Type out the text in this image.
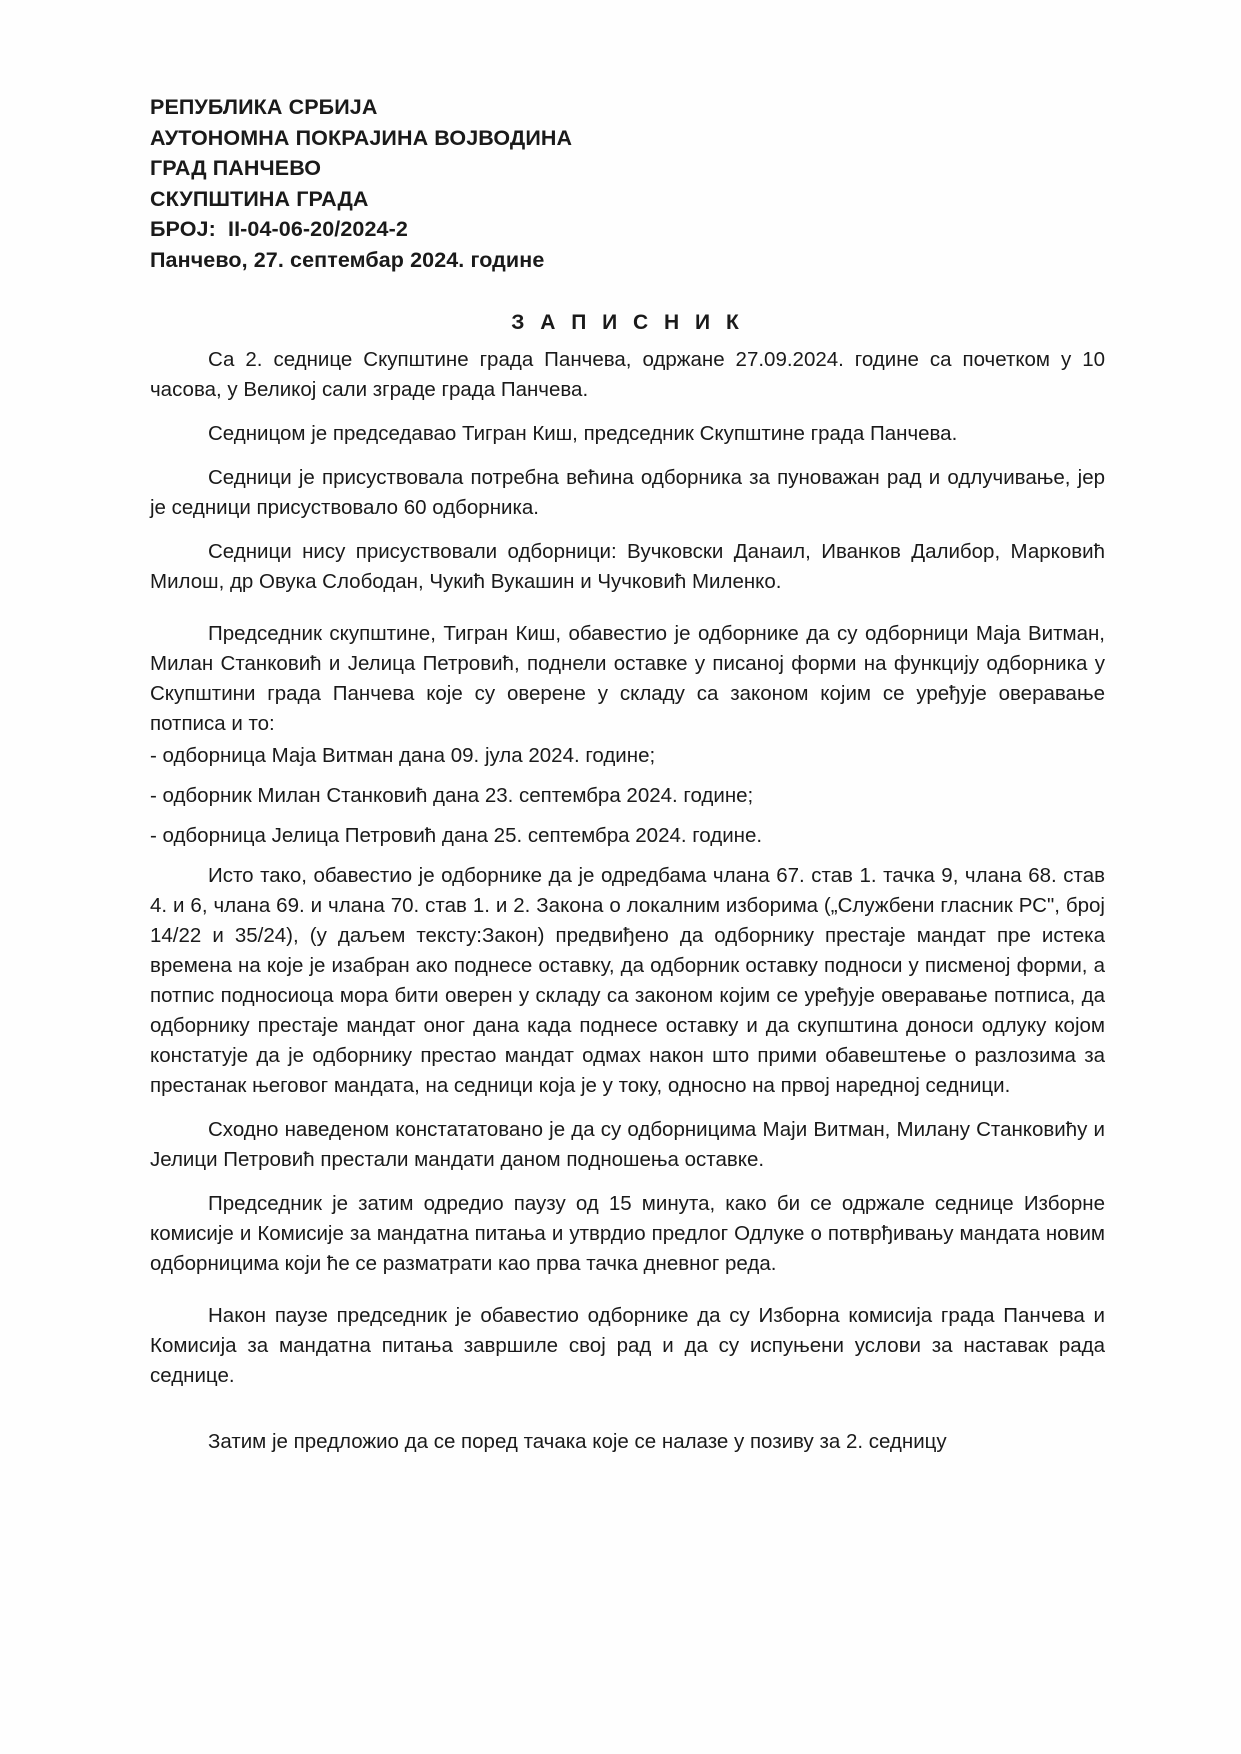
РЕПУБЛИКА СРБИЈА
АУТОНОМНА ПОКРАЈИНА ВОЈВОДИНА
ГРАД ПАНЧЕВО
СКУПШТИНА ГРАДА
БРОЈ:  II-04-06-20/2024-2
Панчево, 27. септембар 2024. године
З А П И С Н И К

Са 2. седнице Скупштине града Панчева, одржане 27.09.2024. године са почетком у 10 часова, у Великој сали зграде града Панчева.

Седницом је председавао Тигран Киш, председник Скупштине града Панчева.

Седници је присуствовала потребна већина одборника за пуноважан рад и одлучивање, јер је седници присуствовало 60 одборника.

Седници нису присуствовали одборници: Вучковски Данаил, Иванков Далибор, Марковић Милош, др Овука Слободан, Чукић Вукашин и Чучковић Миленко.

Председник скупштине, Тигран Киш, обавестио је одборнике да су одборници Маја Витман, Милан Станковић и Јелица Петровић, поднели оставке у писаној форми на функцију одборника у Скупштини града Панчева које су оверене у складу са законом којим се уређује оверавање потписа и то:

- одборница Маја Витман дана 09. јула 2024. године;

- одборник Милан Станковић дана 23. септембра 2024. године;

- одборница Јелица Петровић дана 25. септембра 2024. године.

Исто тако, обавестио је одборнике да је одредбама члана 67. став 1. тачка 9, члана 68. став 4. и 6, члана 69. и члана 70. став 1. и 2. Закона о локалним изборима („Службени гласник РС", број 14/22 и 35/24), (у даљем тексту:Закон) предвиђено да одборнику престаје мандат пре истека времена на које је изабран ако поднесе оставку, да одборник оставку подноси у писменој форми, а потпис подносиоца мора бити оверен у складу са законом којим се уређује оверавање потписа, да одборнику престаје мандат оног дана када поднесе оставку и да скупштина доноси одлуку којом констатује да је одборнику престао мандат одмах након што прими обавештење о разлозима за престанак његовог мандата, на седници која је у току, односно на првој наредној седници.

Сходно наведеном констататовано је да су одборницима Маји Витман, Милану Станковићу и Јелици Петровић престали мандати даном подношења оставке.

Председник је затим одредио паузу од 15 минута, како би се одржале седнице Изборне комисије и Комисије за мандатна питања и утврдио предлог Одлуке о потврђивању мандата новим одборницима који ће се разматрати као прва тачка дневног реда.

Након паузе председник је обавестио одборнике да су Изборна комисија града Панчева и Комисија за мандатна питања завршиле свој рад и да су испуњени услови за наставак рада седнице.

Затим је предложио да се поред тачака које се налазе у позиву за 2. седницу
